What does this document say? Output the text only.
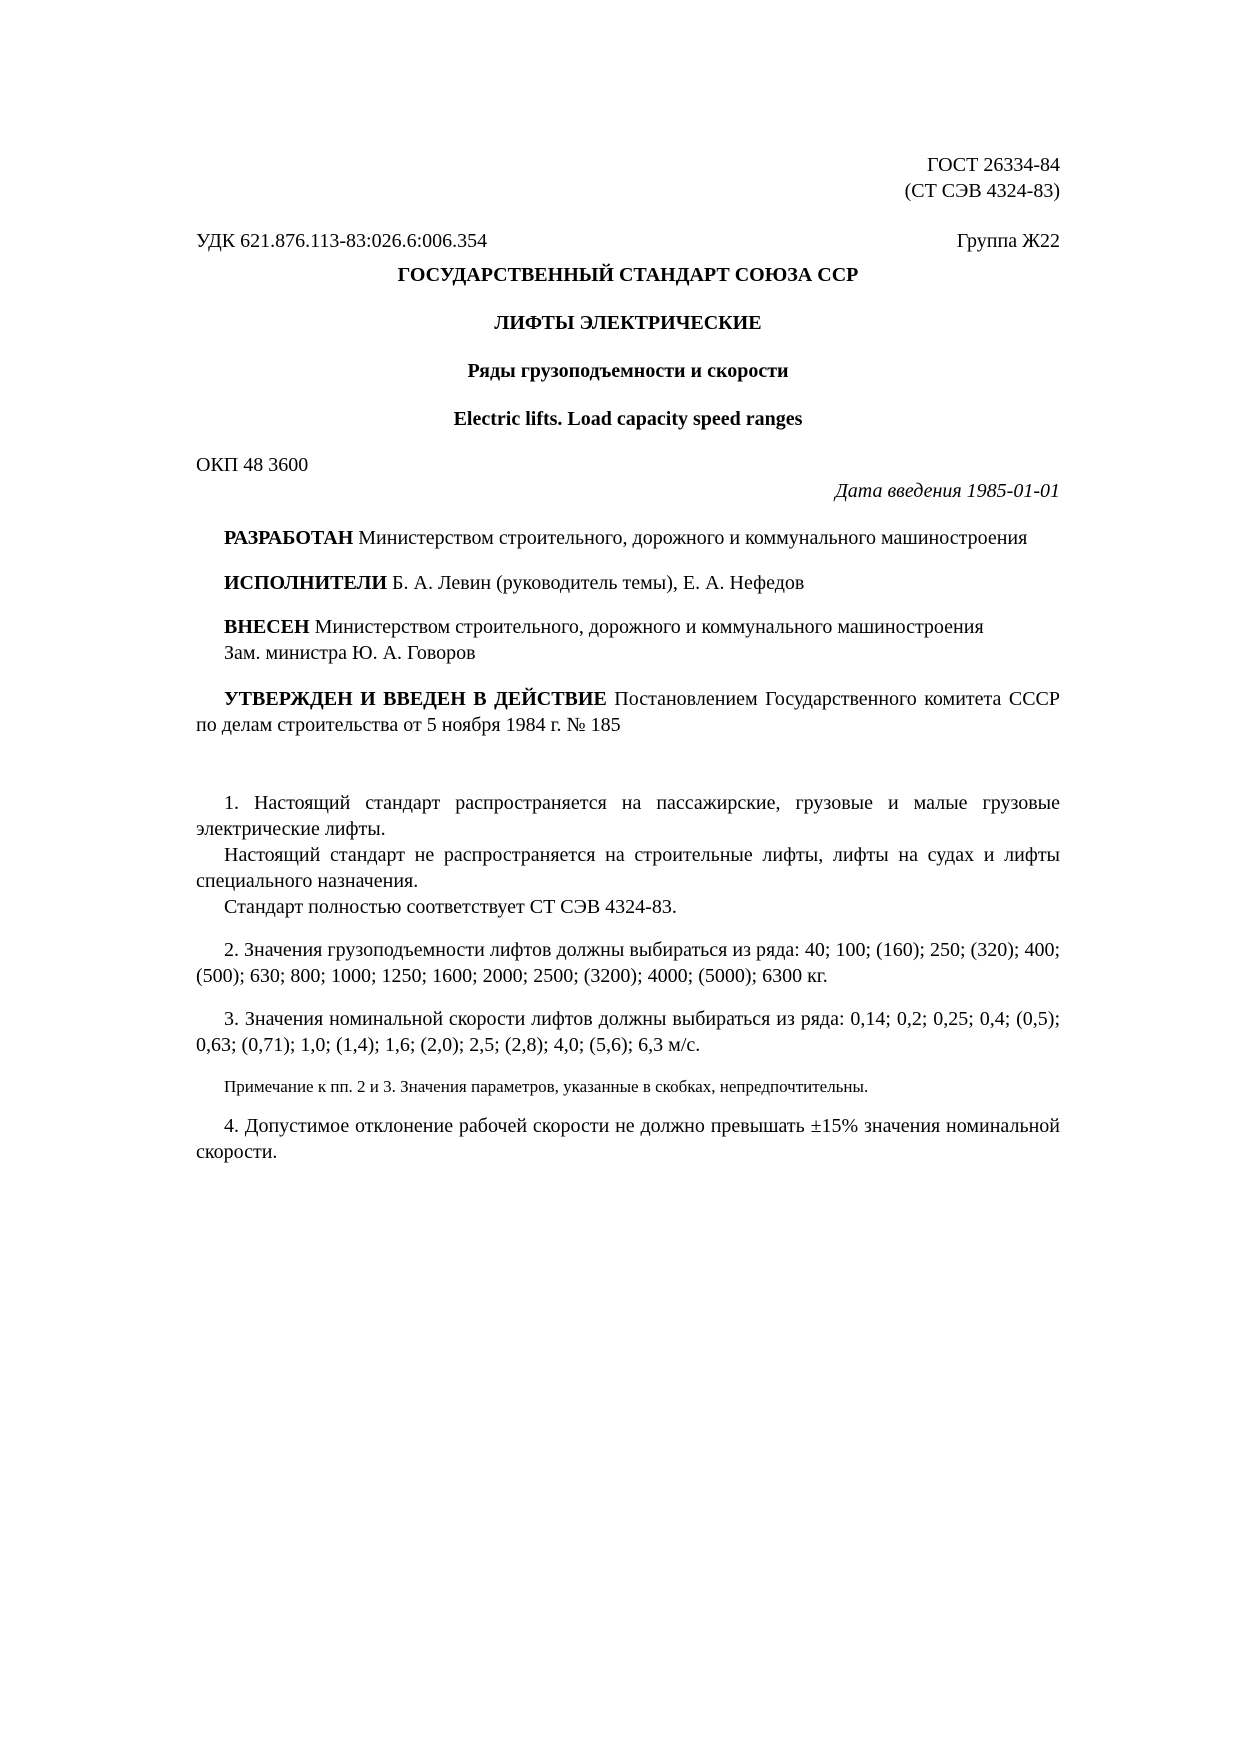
ГОСТ 26334-84
(СТ СЭВ 4324-83)
УДК 621.876.113-83:026.6:006.354	Группа Ж22
ГОСУДАРСТВЕННЫЙ СТАНДАРТ СОЮЗА ССР
ЛИФТЫ ЭЛЕКТРИЧЕСКИЕ
Ряды грузоподъемности и скорости
Electric lifts. Load capacity speed ranges
ОКП 48 3600
Дата введения 1985-01-01

РАЗРАБОТАН Министерством строительного, дорожного и коммунального машиностроения

ИСПОЛНИТЕЛИ Б. А. Левин (руководитель темы), Е. А. Нефедов

ВНЕСЕН Министерством строительного, дорожного и коммунального машиностроения

Зам. министра Ю. А. Говоров

УТВЕРЖДЕН И ВВЕДЕН В ДЕЙСТВИЕ Постановлением Государственного комитета СССР по делам строительства от 5 ноября 1984 г. № 185

1. Настоящий стандарт распространяется на пассажирские, грузовые и малые грузовые электрические лифты.

Настоящий стандарт не распространяется на строительные лифты, лифты на судах и лифты специального назначения.

Стандарт полностью соответствует СТ СЭВ 4324-83.

2. Значения грузоподъемности лифтов должны выбираться из ряда: 40; 100; (160); 250; (320); 400; (500); 630; 800; 1000; 1250; 1600; 2000; 2500; (3200); 4000; (5000); 6300 кг.

3. Значения номинальной скорости лифтов должны выбираться из ряда: 0,14; 0,2; 0,25; 0,4; (0,5); 0,63; (0,71); 1,0; (1,4); 1,6; (2,0); 2,5; (2,8); 4,0; (5,6); 6,3 м/с.

Примечание к пп. 2 и 3. Значения параметров, указанные в скобках, непредпочтительны.

4. Допустимое отклонение рабочей скорости не должно превышать ±15% значения номинальной скорости.
